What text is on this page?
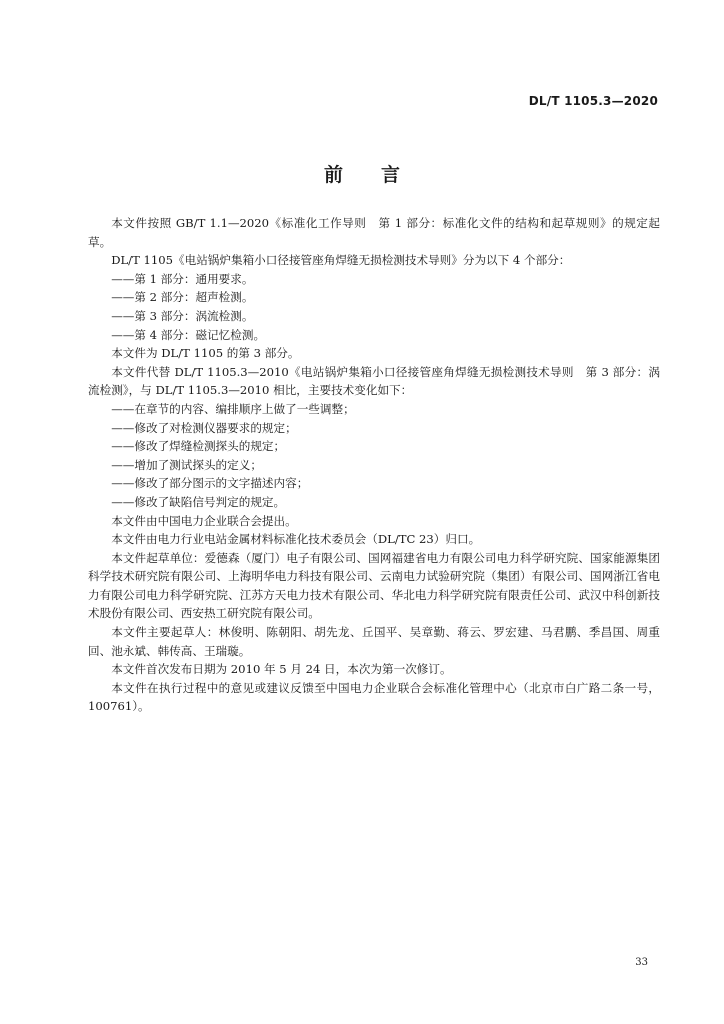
DL/T 1105.3—2020
前言

本文件按照 GB/T 1.1—2020《标准化工作导则　第 1 部分：标准化文件的结构和起草规则》的规定起草。

DL/T 1105《电站锅炉集箱小口径接管座角焊缝无损检测技术导则》分为以下 4 个部分：

——第 1 部分：通用要求。

——第 2 部分：超声检测。

——第 3 部分：涡流检测。

——第 4 部分：磁记忆检测。

本文件为 DL/T 1105 的第 3 部分。

本文件代替 DL/T 1105.3—2010《电站锅炉集箱小口径接管座角焊缝无损检测技术导则　第 3 部分：涡流检测》，与 DL/T 1105.3—2010 相比，主要技术变化如下：

——在章节的内容、编排顺序上做了一些调整；

——修改了对检测仪器要求的规定；

——修改了焊缝检测探头的规定；

——增加了测试探头的定义；

——修改了部分图示的文字描述内容；

——修改了缺陷信号判定的规定。

本文件由中国电力企业联合会提出。

本文件由电力行业电站金属材料标准化技术委员会（DL/TC 23）归口。

本文件起草单位：爱德森（厦门）电子有限公司、国网福建省电力有限公司电力科学研究院、国家能源集团科学技术研究院有限公司、上海明华电力科技有限公司、云南电力试验研究院（集团）有限公司、国网浙江省电力有限公司电力科学研究院、江苏方天电力技术有限公司、华北电力科学研究院有限责任公司、武汉中科创新技术股份有限公司、西安热工研究院有限公司。

本文件主要起草人：林俊明、陈朝阳、胡先龙、丘国平、吴章勤、蒋云、罗宏建、马君鹏、季昌国、周重回、池永斌、韩传高、王瑞璇。

本文件首次发布日期为 2010 年 5 月 24 日，本次为第一次修订。

本文件在执行过程中的意见或建议反馈至中国电力企业联合会标准化管理中心（北京市白广路二条一号，100761）。

33
